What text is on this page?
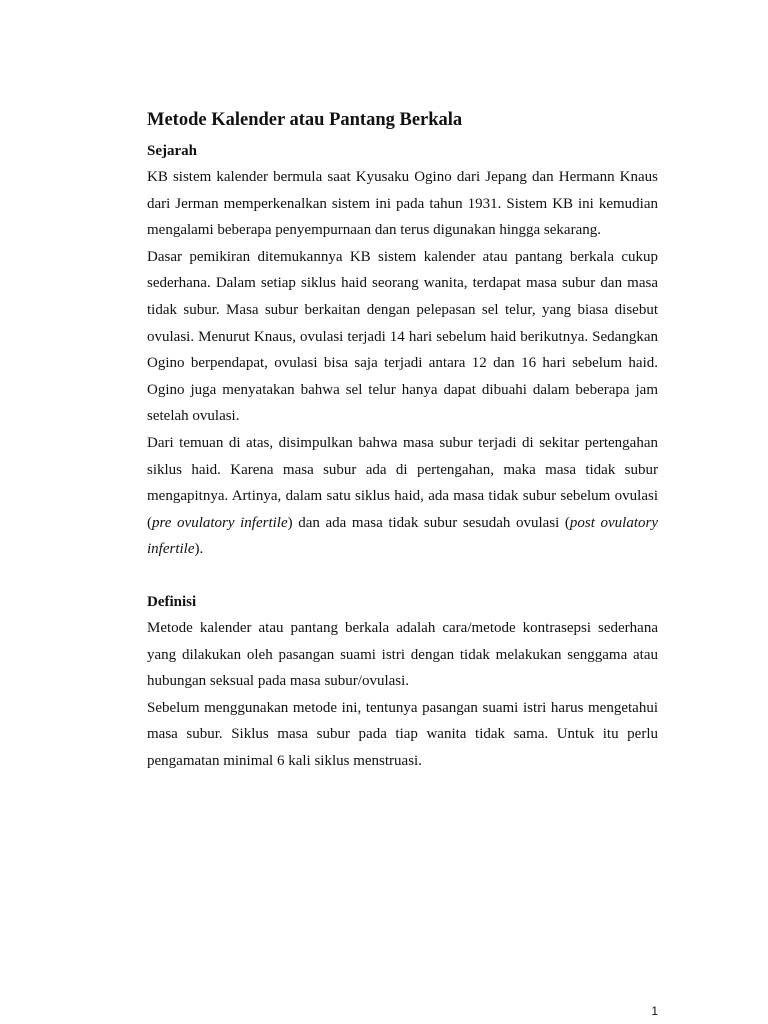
Metode Kalender atau Pantang Berkala
Sejarah

KB sistem kalender bermula saat Kyusaku Ogino dari Jepang dan Hermann Knaus dari Jerman memperkenalkan sistem ini pada tahun 1931. Sistem KB ini kemudian mengalami beberapa penyempurnaan dan terus digunakan hingga sekarang.

Dasar pemikiran ditemukannya KB sistem kalender atau pantang berkala cukup sederhana. Dalam setiap siklus haid seorang wanita, terdapat masa subur dan masa tidak subur. Masa subur berkaitan dengan pelepasan sel telur, yang biasa disebut ovulasi. Menurut Knaus, ovulasi terjadi 14 hari sebelum haid berikutnya. Sedangkan Ogino berpendapat, ovulasi bisa saja terjadi antara 12 dan 16 hari sebelum haid. Ogino juga menyatakan bahwa sel telur hanya dapat dibuahi dalam beberapa jam setelah ovulasi.

Dari temuan di atas, disimpulkan bahwa masa subur terjadi di sekitar pertengahan siklus haid. Karena masa subur ada di pertengahan, maka masa tidak subur mengapitnya. Artinya, dalam satu siklus haid, ada masa tidak subur sebelum ovulasi (pre ovulatory infertile) dan ada masa tidak subur sesudah ovulasi (post ovulatory infertile).

Definisi

Metode kalender atau pantang berkala adalah cara/metode kontrasepsi sederhana yang dilakukan oleh pasangan suami istri dengan tidak melakukan senggama atau hubungan seksual pada masa subur/ovulasi.

Sebelum menggunakan metode ini, tentunya pasangan suami istri harus mengetahui masa subur. Siklus masa subur pada tiap wanita tidak sama. Untuk itu perlu pengamatan minimal 6 kali siklus menstruasi.

1
